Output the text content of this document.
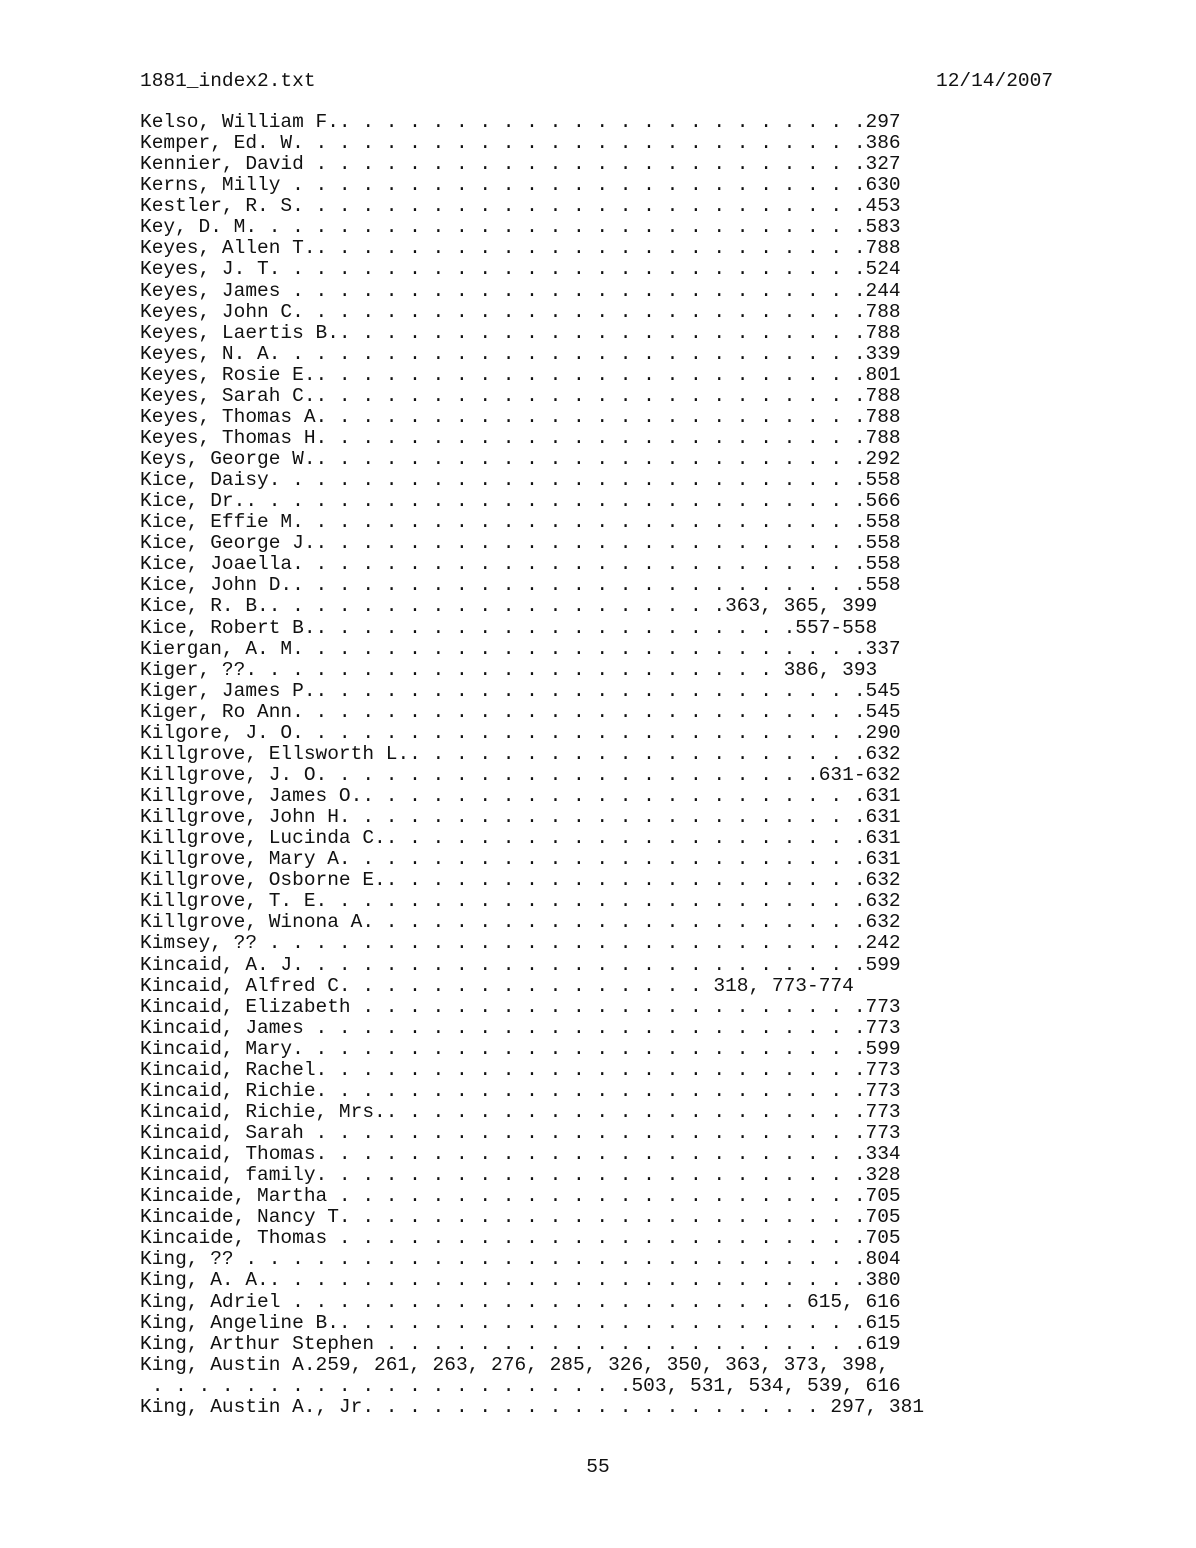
1881_index2.txt	12/14/2007
Kelso, William F.. . . . . . . . . . . . . . . . . . . . . . .297
Kemper, Ed. W. . . . . . . . . . . . . . . . . . . . . . . . .386
Kennier, David . . . . . . . . . . . . . . . . . . . . . . . .327
Kerns, Milly . . . . . . . . . . . . . . . . . . . . . . . . .630
Kestler, R. S. . . . . . . . . . . . . . . . . . . . . . . . .453
Key, D. M. . . . . . . . . . . . . . . . . . . . . . . . . . .583
Keyes, Allen T.. . . . . . . . . . . . . . . . . . . . . . . .788
Keyes, J. T. . . . . . . . . . . . . . . . . . . . . . . . . .524
Keyes, James . . . . . . . . . . . . . . . . . . . . . . . . .244
Keyes, John C. . . . . . . . . . . . . . . . . . . . . . . . .788
Keyes, Laertis B.. . . . . . . . . . . . . . . . . . . . . . .788
Keyes, N. A. . . . . . . . . . . . . . . . . . . . . . . . . .339
Keyes, Rosie E.. . . . . . . . . . . . . . . . . . . . . . . .801
Keyes, Sarah C.. . . . . . . . . . . . . . . . . . . . . . . .788
Keyes, Thomas A. . . . . . . . . . . . . . . . . . . . . . . .788
Keyes, Thomas H. . . . . . . . . . . . . . . . . . . . . . . .788
Keys, George W.. . . . . . . . . . . . . . . . . . . . . . . .292
Kice, Daisy. . . . . . . . . . . . . . . . . . . . . . . . . .558
Kice, Dr.. . . . . . . . . . . . . . . . . . . . . . . . . . .566
Kice, Effie M. . . . . . . . . . . . . . . . . . . . . . . . .558
Kice, George J.. . . . . . . . . . . . . . . . . . . . . . . .558
Kice, Joaella. . . . . . . . . . . . . . . . . . . . . . . . .558
Kice, John D.. . . . . . . . . . . . . . . . . . . . . . . . .558
Kice, R. B.. . . . . . . . . . . . . . . . . . . .363, 365, 399
Kice, Robert B.. . . . . . . . . . . . . . . . . . . . .557-558
Kiergan, A. M. . . . . . . . . . . . . . . . . . . . . . . . .337
Kiger, ??. . . . . . . . . . . . . . . . . . . . . . . 386, 393
Kiger, James P.. . . . . . . . . . . . . . . . . . . . . . . .545
Kiger, Ro Ann. . . . . . . . . . . . . . . . . . . . . . . . .545
Kilgore, J. O. . . . . . . . . . . . . . . . . . . . . . . . .290
Killgrove, Ellsworth L.. . . . . . . . . . . . . . . . . . . .632
Killgrove, J. O. . . . . . . . . . . . . . . . . . . . . .631-632
Killgrove, James O.. . . . . . . . . . . . . . . . . . . . . .631
Killgrove, John H. . . . . . . . . . . . . . . . . . . . . . .631
Killgrove, Lucinda C.. . . . . . . . . . . . . . . . . . . . .631
Killgrove, Mary A. . . . . . . . . . . . . . . . . . . . . . .631
Killgrove, Osborne E.. . . . . . . . . . . . . . . . . . . . .632
Killgrove, T. E. . . . . . . . . . . . . . . . . . . . . . . .632
Killgrove, Winona A. . . . . . . . . . . . . . . . . . . . . .632
Kimsey, ?? . . . . . . . . . . . . . . . . . . . . . . . . . .242
Kincaid, A. J. . . . . . . . . . . . . . . . . . . . . . . . .599
Kincaid, Alfred C. . . . . . . . . . . . . . . . 318, 773-774
Kincaid, Elizabeth . . . . . . . . . . . . . . . . . . . . . .773
Kincaid, James . . . . . . . . . . . . . . . . . . . . . . . .773
Kincaid, Mary. . . . . . . . . . . . . . . . . . . . . . . . .599
Kincaid, Rachel. . . . . . . . . . . . . . . . . . . . . . . .773
Kincaid, Richie. . . . . . . . . . . . . . . . . . . . . . . .773
Kincaid, Richie, Mrs.. . . . . . . . . . . . . . . . . . . . .773
Kincaid, Sarah . . . . . . . . . . . . . . . . . . . . . . . .773
Kincaid, Thomas. . . . . . . . . . . . . . . . . . . . . . . .334
Kincaid, family. . . . . . . . . . . . . . . . . . . . . . . .328
Kincaide, Martha . . . . . . . . . . . . . . . . . . . . . . .705
Kincaide, Nancy T. . . . . . . . . . . . . . . . . . . . . . .705
Kincaide, Thomas . . . . . . . . . . . . . . . . . . . . . . .705
King, ?? . . . . . . . . . . . . . . . . . . . . . . . . . . .804
King, A. A.. . . . . . . . . . . . . . . . . . . . . . . . . .380
King, Adriel . . . . . . . . . . . . . . . . . . . . . . 615, 616
King, Angeline B.. . . . . . . . . . . . . . . . . . . . . . .615
King, Arthur Stephen . . . . . . . . . . . . . . . . . . . . .619
King, Austin A.259, 261, 263, 276, 285, 326, 350, 363, 373, 398,
. . . . . . . . . . . . . . . . . . . . .503, 531, 534, 539, 616
King, Austin A., Jr. . . . . . . . . . . . . . . . . . . . 297, 381
55
